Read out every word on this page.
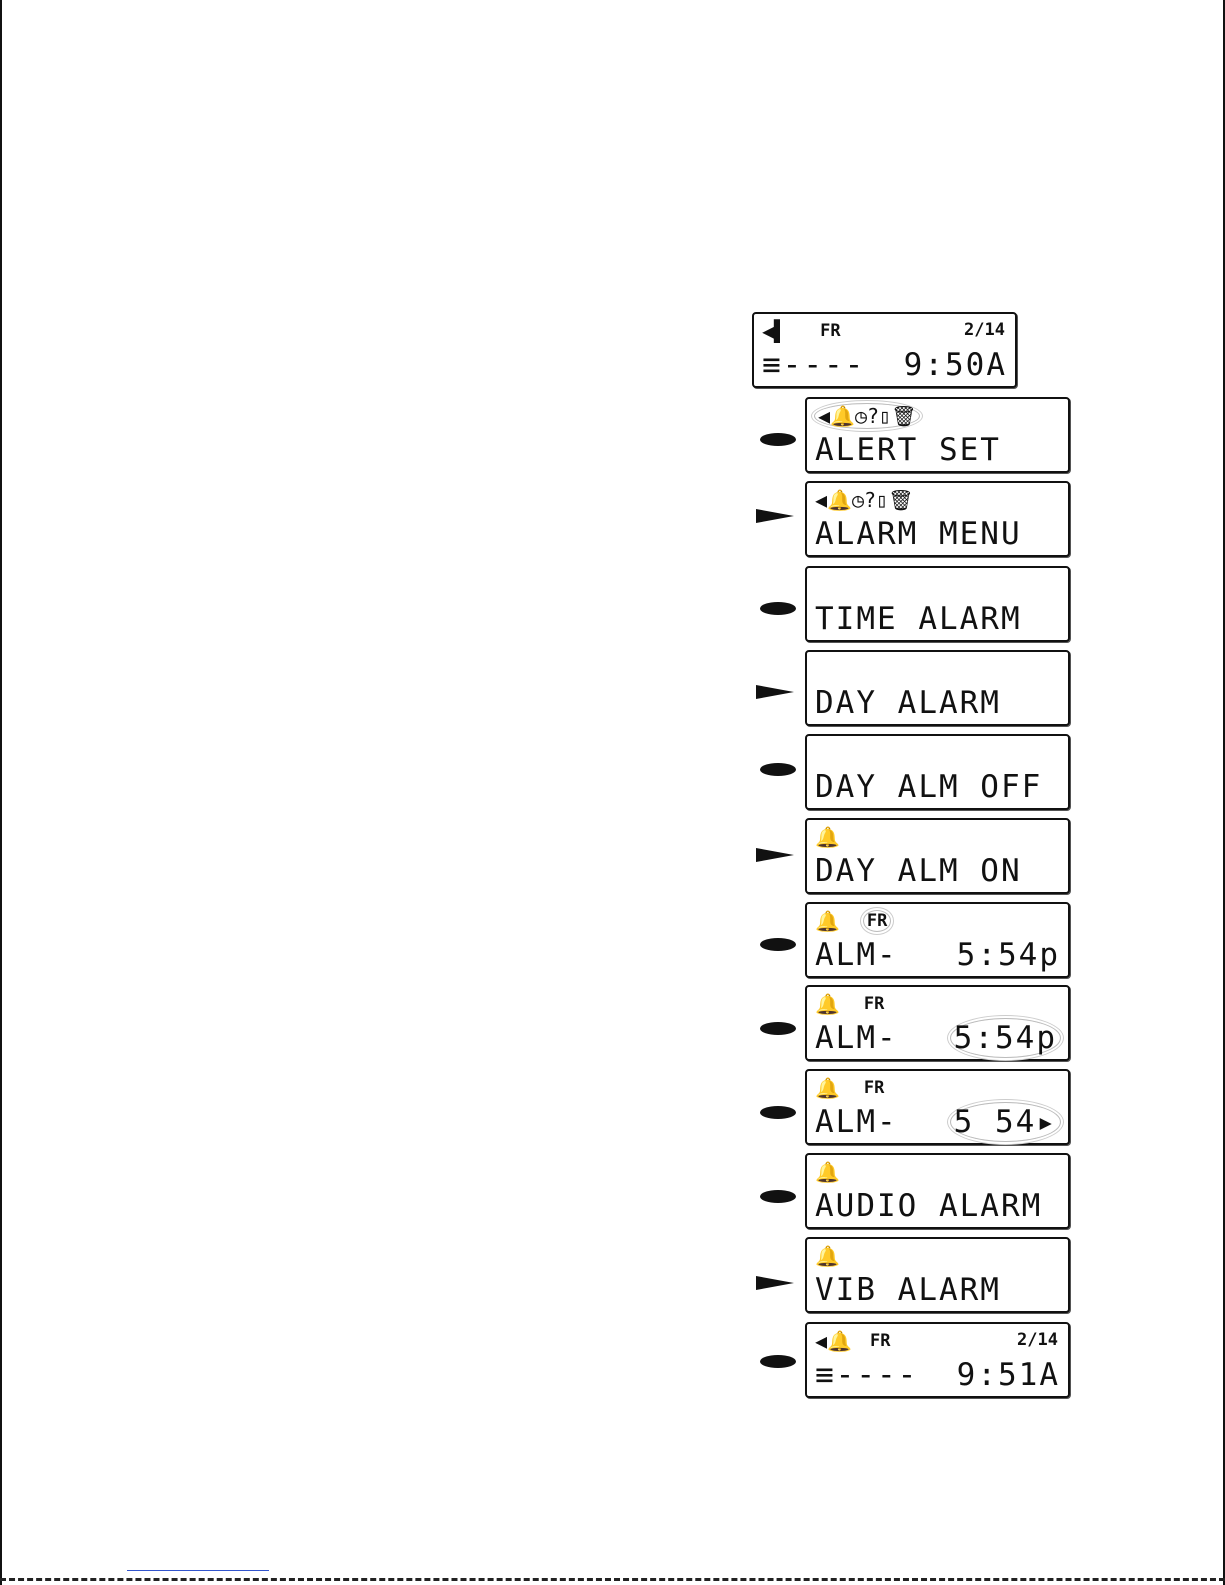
◀▌ FR	2/14
≡---- 9:50A
◀🔔◷?▯🗑
ALERT SET
◀🔔◷?▯🗑
ALARM MENU
TIME ALARM
DAY ALARM
DAY ALM OFF
🔔
DAY ALM ON
🔔 FR
ALM- 5:54p
🔔 FR
ALM- 5:54p
🔔 FR
ALM- 5 54▸
🔔
AUDIO ALARM
🔔
VIB ALARM
◀🔔 FR	2/14
≡---- 9:51A
